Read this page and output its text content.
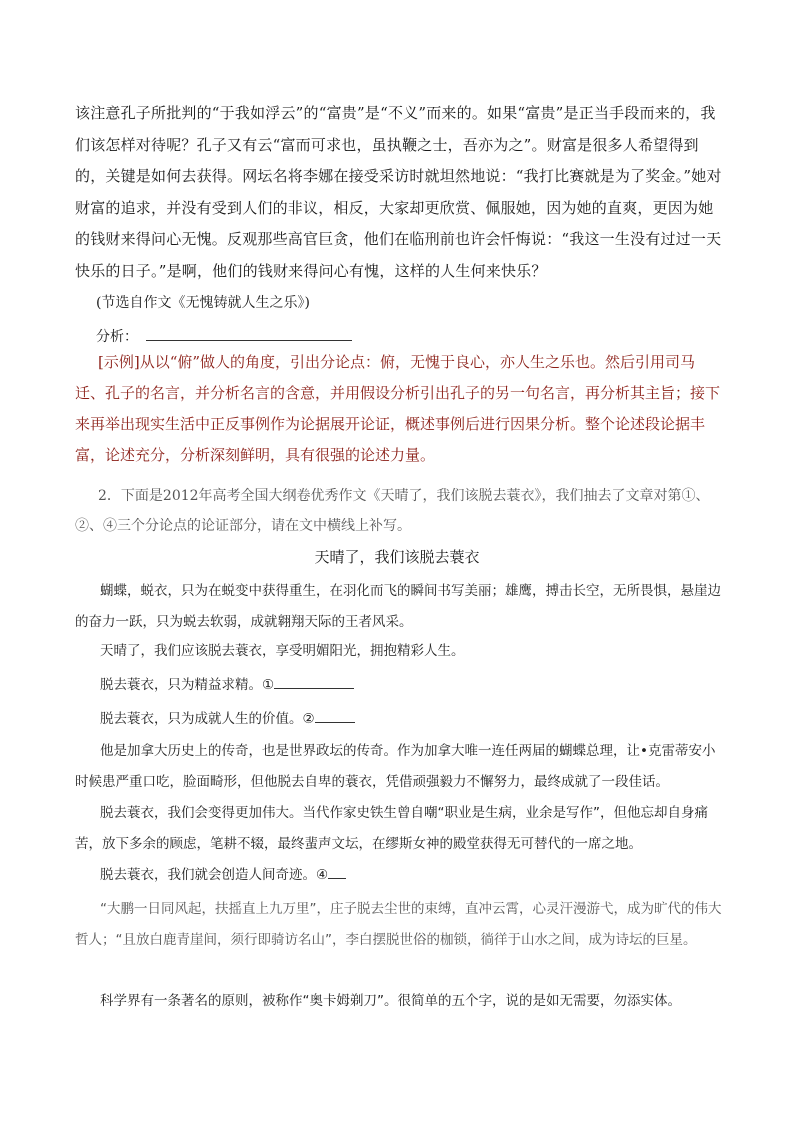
该注意孔子所批判的“于我如浮云”的“富贵”是“不义”而来的。如果“富贵”是正当手段而来的，我们该怎样对待呢？孔子又有云“富而可求也，虽执鞭之士，吾亦为之”。财富是很多人希望得到的，关键是如何去获得。网坛名将李娜在接受采访时就坦然地说：“我打比赛就是为了奖金。”她对财富的追求，并没有受到人们的非议，相反，大家却更欣赏、佩服她，因为她的直爽，更因为她的钱财来得问心无愧。反观那些高官巨贪，他们在临刑前也许会忏悔说：“我这一生没有过过一天快乐的日子。”是啊，他们的钱财来得问心有愧，这样的人生何来快乐？

(节选自作文《无愧铸就人生之乐》)

分析：

[示例]从以“俯”做人的角度，引出分论点：俯，无愧于良心，亦人生之乐也。然后引用司马迁、孔子的名言，并分析名言的含意，并用假设分析引出孔子的另一句名言，再分析其主旨；接下来再举出现实生活中正反事例作为论据展开论证，概述事例后进行因果分析。整个论述段论据丰富，论述充分，分析深刻鲜明，具有很强的论述力量。

2．下面是2012年高考全国大纲卷优秀作文《天晴了，我们该脱去蓑衣》，我们抽去了文章对第①、②、④三个分论点的论证部分，请在文中横线上补写。

天晴了，我们该脱去蓑衣

蝴蝶，蜕衣，只为在蜕变中获得重生，在羽化而飞的瞬间书写美丽；雄鹰，搏击长空，无所畏惧，悬崖边的奋力一跃，只为蜕去软弱，成就翱翔天际的王者风采。

天晴了，我们应该脱去蓑衣，享受明媚阳光，拥抱精彩人生。

脱去蓑衣，只为精益求精。①

脱去蓑衣，只为成就人生的价值。②

他是加拿大历史上的传奇，也是世界政坛的传奇。作为加拿大唯一连任两届的蝴蝶总理，让•克雷蒂安小时候患严重口吃，脸面畸形，但他脱去自卑的蓑衣，凭借顽强毅力不懈努力，最终成就了一段佳话。

脱去蓑衣，我们会变得更加伟大。当代作家史铁生曾自嘲“职业是生病，业余是写作”，但他忘却自身痛苦，放下多余的顾虑，笔耕不辍，最终蜚声文坛，在缪斯女神的殿堂获得无可替代的一席之地。

脱去蓑衣，我们就会创造人间奇迹。④

“大鹏一日同风起，扶摇直上九万里”，庄子脱去尘世的束缚，直冲云霄，心灵汗漫游弋，成为旷代的伟大哲人；“且放白鹿青崖间，须行即骑访名山”，李白摆脱世俗的枷锁，徜徉于山水之间，成为诗坛的巨星。

科学界有一条著名的原则，被称作“奥卡姆剃刀”。很简单的五个字，说的是如无需要，勿添实体。
